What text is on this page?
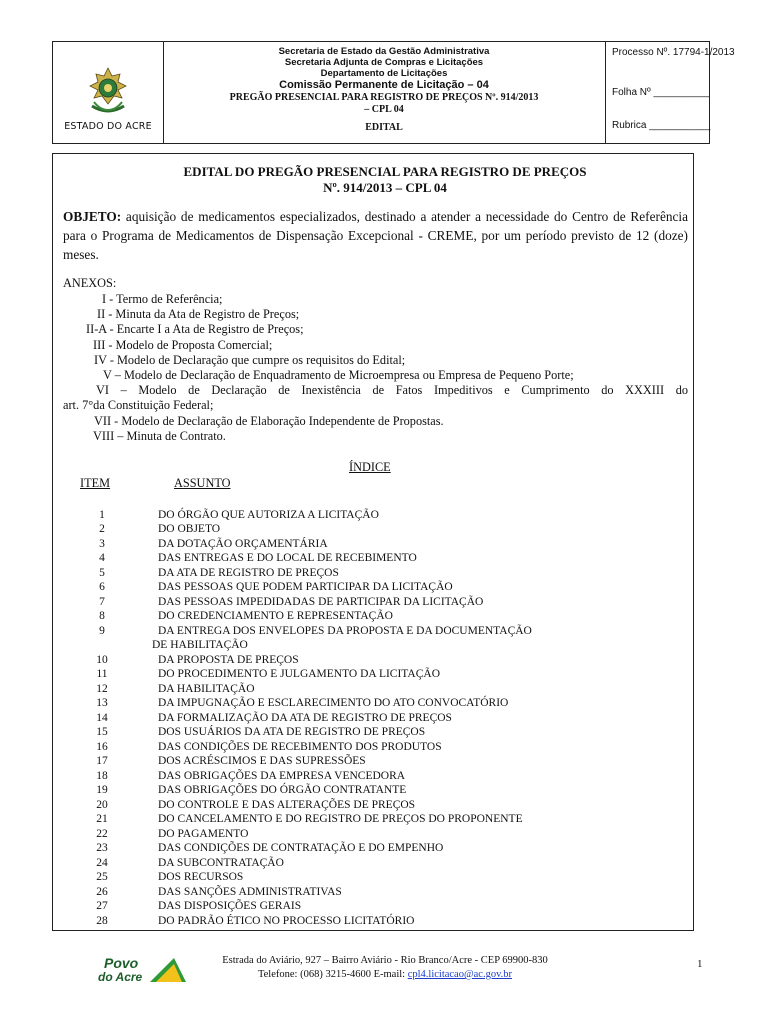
ESTADO DO ACRE
Secretaria de Estado da Gestão Administrativa
Secretaria Adjunta de Compras e Licitações
Departamento de Licitações
Comissão Permanente de Licitação – 04
PREGÃO PRESENCIAL PARA REGISTRO DE PREÇOS Nº. 914/2013
– CPL 04
EDITAL
Processo Nº. 17794-1/2013
Folha Nº __________
Rubrica ___________
EDITAL DO PREGÃO PRESENCIAL PARA REGISTRO DE PREÇOS
Nº. 914/2013 – CPL 04
OBJETO: aquisição de medicamentos especializados, destinado a atender a necessidade do Centro de Referência para o Programa de Medicamentos de Dispensação Excepcional - CREME, por um período previsto de 12 (doze) meses.
ANEXOS:
I - Termo de Referência;
II - Minuta da Ata de Registro de Preços;
II-A - Encarte I a Ata de Registro de Preços;
III - Modelo de Proposta Comercial;
IV - Modelo de Declaração que cumpre os requisitos do Edital;
V – Modelo de Declaração de Enquadramento de Microempresa ou Empresa de Pequeno Porte;
VI – Modelo de Declaração de Inexistência de Fatos Impeditivos e Cumprimento do XXXIII do
art. 7°da Constituição Federal;
VII - Modelo de Declaração de Elaboração Independente de Propostas.
VIII – Minuta de Contrato.
ÍNDICE
ITEM	ASSUNTO
1	DO ÓRGÃO QUE AUTORIZA A LICITAÇÃO
2	DO OBJETO
3	DA DOTAÇÃO ORÇAMENTÁRIA
4	DAS ENTREGAS E DO LOCAL DE RECEBIMENTO
5	DA ATA DE REGISTRO DE PREÇOS
6	DAS PESSOAS QUE PODEM PARTICIPAR DA LICITAÇÃO
7	DAS PESSOAS IMPEDIDADAS DE PARTICIPAR DA LICITAÇÃO
8	DO CREDENCIAMENTO E REPRESENTAÇÃO
9	DA ENTREGA DOS ENVELOPES DA PROPOSTA E DA DOCUMENTAÇÃO
DE HABILITAÇÃO
10	DA PROPOSTA DE PREÇOS
11	DO PROCEDIMENTO E JULGAMENTO DA LICITAÇÃO
12	DA HABILITAÇÃO
13	DA IMPUGNAÇÃO E ESCLARECIMENTO DO ATO CONVOCATÓRIO
14	DA FORMALIZAÇÃO DA ATA DE REGISTRO DE PREÇOS
15	DOS USUÁRIOS DA ATA DE REGISTRO DE PREÇOS
16	DAS CONDIÇÕES DE RECEBIMENTO DOS PRODUTOS
17	DOS ACRÉSCIMOS E DAS SUPRESSÕES
18	DAS OBRIGAÇÕES DA EMPRESA VENCEDORA
19	DAS OBRIGAÇÕES DO ÓRGÃO CONTRATANTE
20	DO CONTROLE E DAS ALTERAÇÕES DE PREÇOS
21	DO CANCELAMENTO E DO REGISTRO DE PREÇOS DO PROPONENTE
22	DO PAGAMENTO
23	DAS CONDIÇÕES DE CONTRATAÇÃO E DO EMPENHO
24	DA SUBCONTRATAÇÃO
25	DOS RECURSOS
26	DAS SANÇÕES ADMINISTRATIVAS
27	DAS DISPOSIÇÕES GERAIS
28	DO PADRÃO ÉTICO NO PROCESSO LICITATÓRIO
Povo
do Acre
Estrada do Aviário, 927 – Bairro Aviário - Rio Branco/Acre - CEP 69900-830
Telefone: (068) 3215-4600 E-mail: cpl4.licitacao@ac.gov.br
1
